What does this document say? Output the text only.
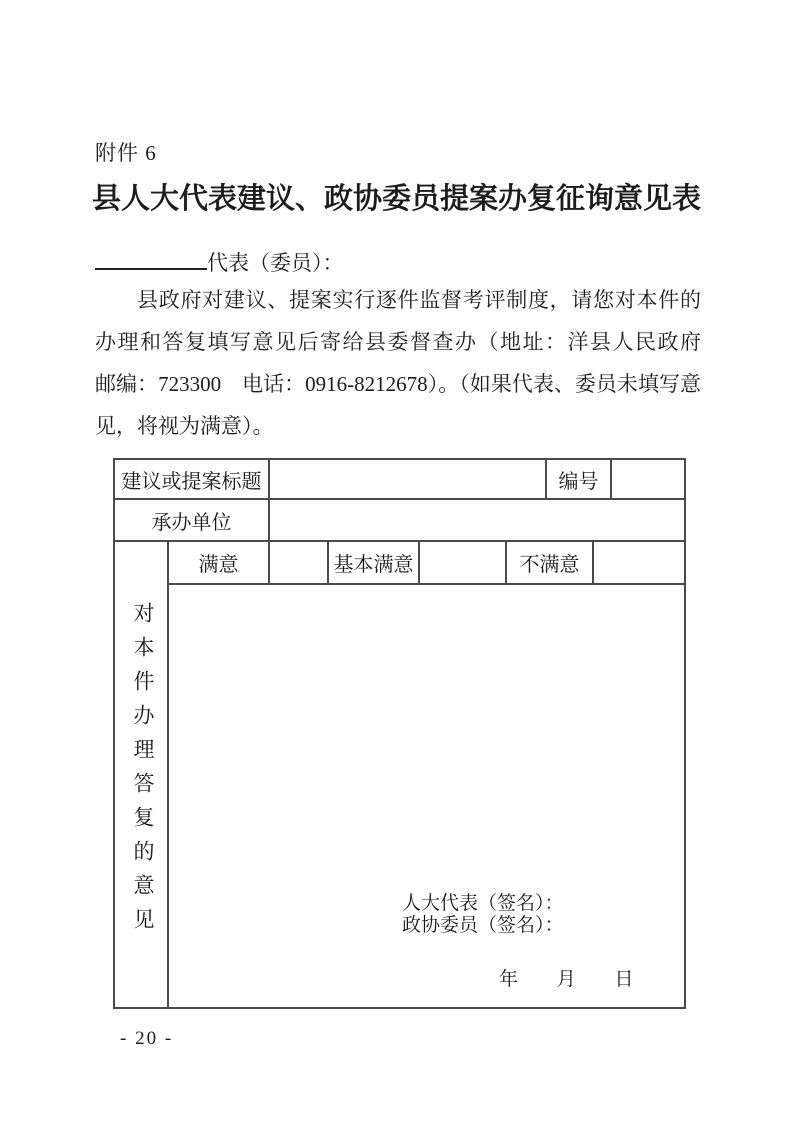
附件 6
县人大代表建议、政协委员提案办复征询意见表
代表（委员）：

县政府对建议、提案实行逐件监督考评制度，请您对本件的办理和答复填写意见后寄给县委督查办（地址：洋县人民政府　邮编：723300　电话：0916-8212678）。（如果代表、委员未填写意见，将视为满意）。

建议或提案标题						编号		
承办单位								
对本件办理答复的意见	满意		基本满意		不满意			

	人大代表（签名）：
政协委员（签名）：
年 月 日							
- 20 -
